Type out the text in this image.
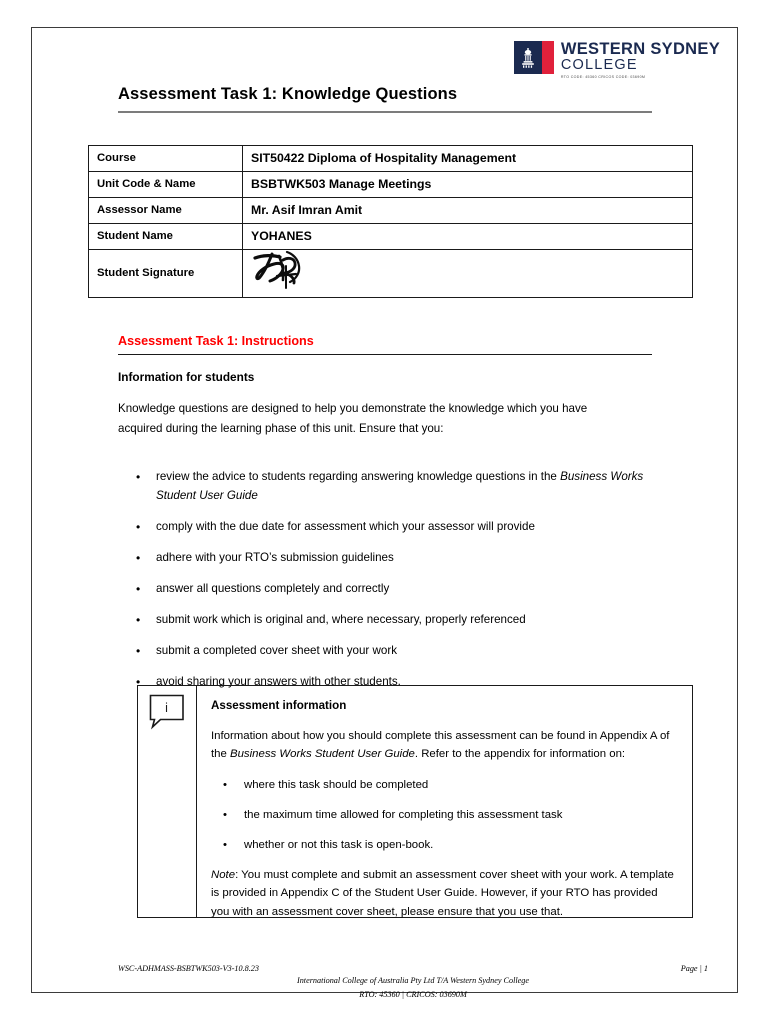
WESTERN SYDNEY
COLLEGE
RTO CODE: 45360 CRICOS CODE: 03690M
Assessment Task 1: Knowledge Questions
Course	SIT50422 Diploma of Hospitality Management
Unit Code & Name	BSBTWK503 Manage Meetings
Assessor Name	Mr. Asif Imran Amit
Student Name	YOHANES
Student Signature	
Assessment Task 1: Instructions
Information for students
Knowledge questions are designed to help you demonstrate the knowledge which you have acquired during the learning phase of this unit. Ensure that you:
•	review the advice to students regarding answering knowledge questions in the Business Works Student User Guide
•	comply with the due date for assessment which your assessor will provide
•	adhere with your RTO’s submission guidelines
•	answer all questions completely and correctly
•	submit work which is original and, where necessary, properly referenced
•	submit a completed cover sheet with your work
•	avoid sharing your answers with other students.
i	Assessment information
Information about how you should complete this assessment can be found in Appendix A of the Business Works Student User Guide. Refer to the appendix for information on:
•	where this task should be completed
•	the maximum time allowed for completing this assessment task
•	whether or not this task is open-book.
Note: You must complete and submit an assessment cover sheet with your work. A template is provided in Appendix C of the Student User Guide. However, if your RTO has provided you with an assessment cover sheet, please ensure that you use that.
WSC-ADHMASS-BSBTWK503-V3-10.8.23	Page | 1
International College of Australia Pty Ltd T/A Western Sydney College
RTO: 45360 | CRICOS: 03690M
